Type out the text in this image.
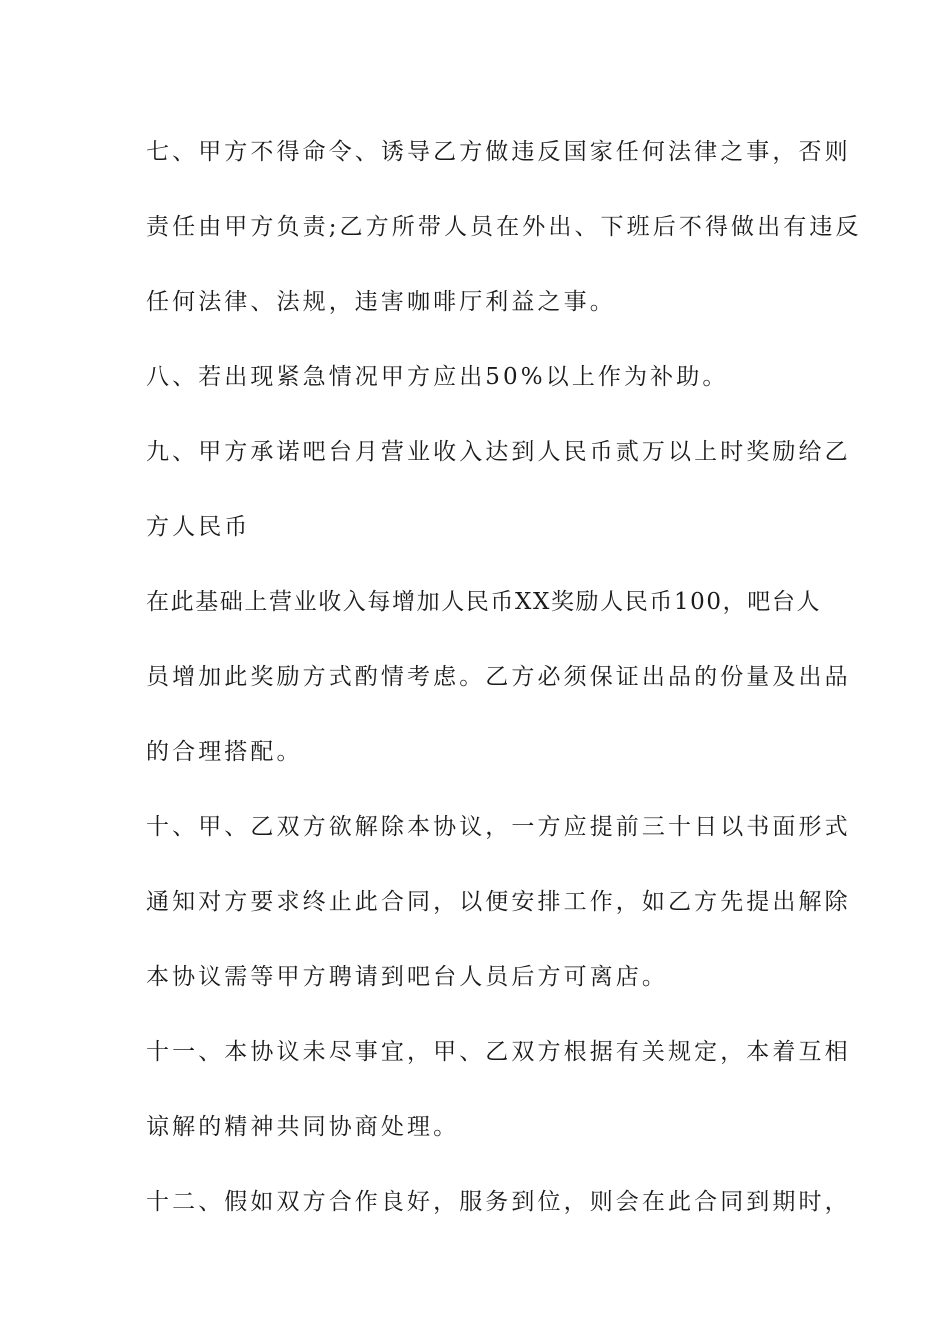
七、甲方不得命令、诱导乙方做违反国家任何法律之事，否则

责任由甲方负责;乙方所带人员在外出、下班后不得做出有违反

任何法律、法规，违害咖啡厅利益之事。

八、若出现紧急情况甲方应出50%以上作为补助。

九、甲方承诺吧台月营业收入达到人民币贰万以上时奖励给乙

方人民币

在此基础上营业收入每增加人民币XX奖励人民币100，吧台人

员增加此奖励方式酌情考虑。乙方必须保证出品的份量及出品

的合理搭配。

十、甲、乙双方欲解除本协议，一方应提前三十日以书面形式

通知对方要求终止此合同，以便安排工作，如乙方先提出解除

本协议需等甲方聘请到吧台人员后方可离店。

十一、本协议未尽事宜，甲、乙双方根据有关规定，本着互相

谅解的精神共同协商处理。

十二、假如双方合作良好，服务到位，则会在此合同到期时，
